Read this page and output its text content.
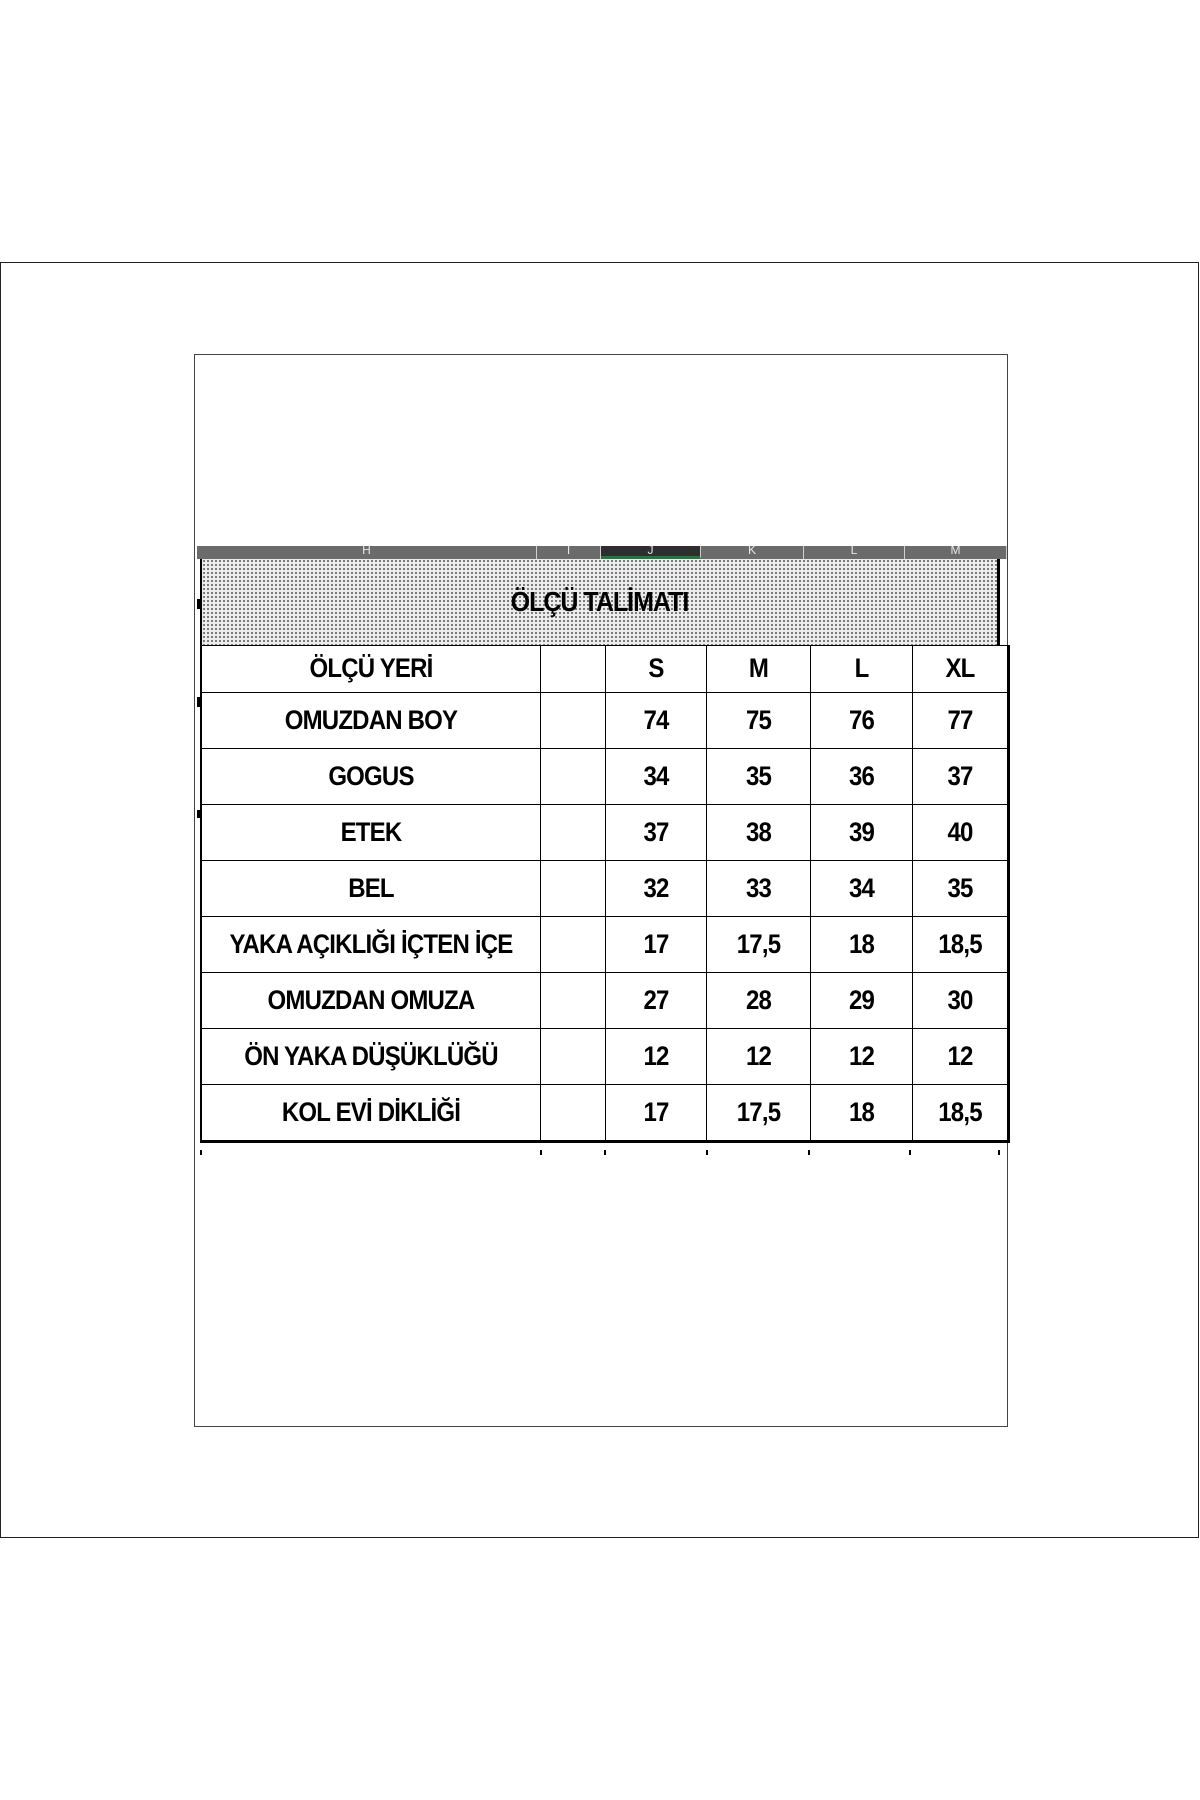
H	I	J	K	L	M
ÖLÇÜ TALİMATI
ÖLÇÜ YERİ		S	M	L	XL
OMUZDAN BOY		74	75	76	77
GOGUS		34	35	36	37
ETEK		37	38	39	40
BEL		32	33	34	35
YAKA AÇIKLIĞI İÇTEN İÇE		17	17,5	18	18,5
OMUZDAN OMUZA		27	28	29	30
ÖN YAKA DÜŞÜKLÜĞÜ		12	12	12	12
KOL EVİ DİKLİĞİ		17	17,5	18	18,5
